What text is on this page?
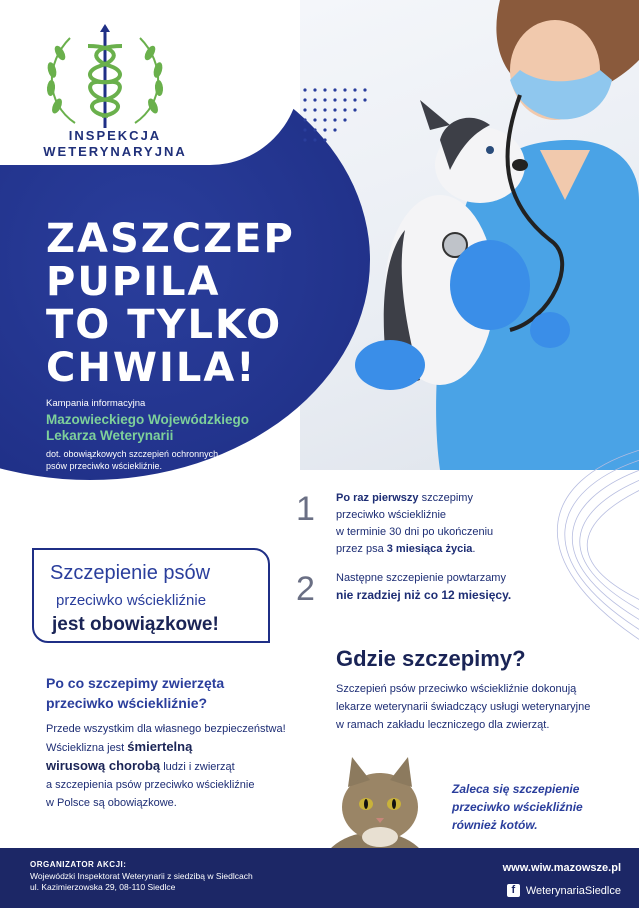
INSPEKCJA
WETERYNARYJNA
ZASZCZEP
PUPILA
TO TYLKO
CHWILA!
Kampania informacyjna
Mazowieckiego Wojewódzkiego
Lekarza Weterynarii
dot. obowiązkowych szczepień ochronnych
psów przeciwko wściekliźnie.
1 Po raz pierwszy szczepimy
przeciwko wściekliźnie
w terminie 30 dni po ukończeniu
przez psa 3 miesiąca życia.
2 Następne szczepienie powtarzamy
nie rzadziej niż co 12 miesięcy.
Szczepienie psów
przeciwko wściekliźnie
jest obowiązkowe!
Gdzie szczepimy?
Szczepień psów przeciwko wściekliźnie dokonują
lekarze weterynarii świadczący usługi weterynaryjne
w ramach zakładu leczniczego dla zwierząt.
Po co szczepimy zwierzęta
przeciwko wściekliźnie?
Przede wszystkim dla własnego bezpieczeństwa!
Wścieklizna jest śmiertelną
wirusową chorobą ludzi i zwierząt
a szczepienia psów przeciwko wściekliźnie
w Polsce są obowiązkowe.
Zaleca się szczepienie
przeciwko wściekliźnie
również kotów.
ORGANIZATOR AKCJI:
Wojewódzki Inspektorat Weterynarii z siedzibą w Siedlcach
ul. Kazimierzowska 29, 08-110 Siedlce
www.wiw.mazowsze.pl
f WeterynariaSiedlce
